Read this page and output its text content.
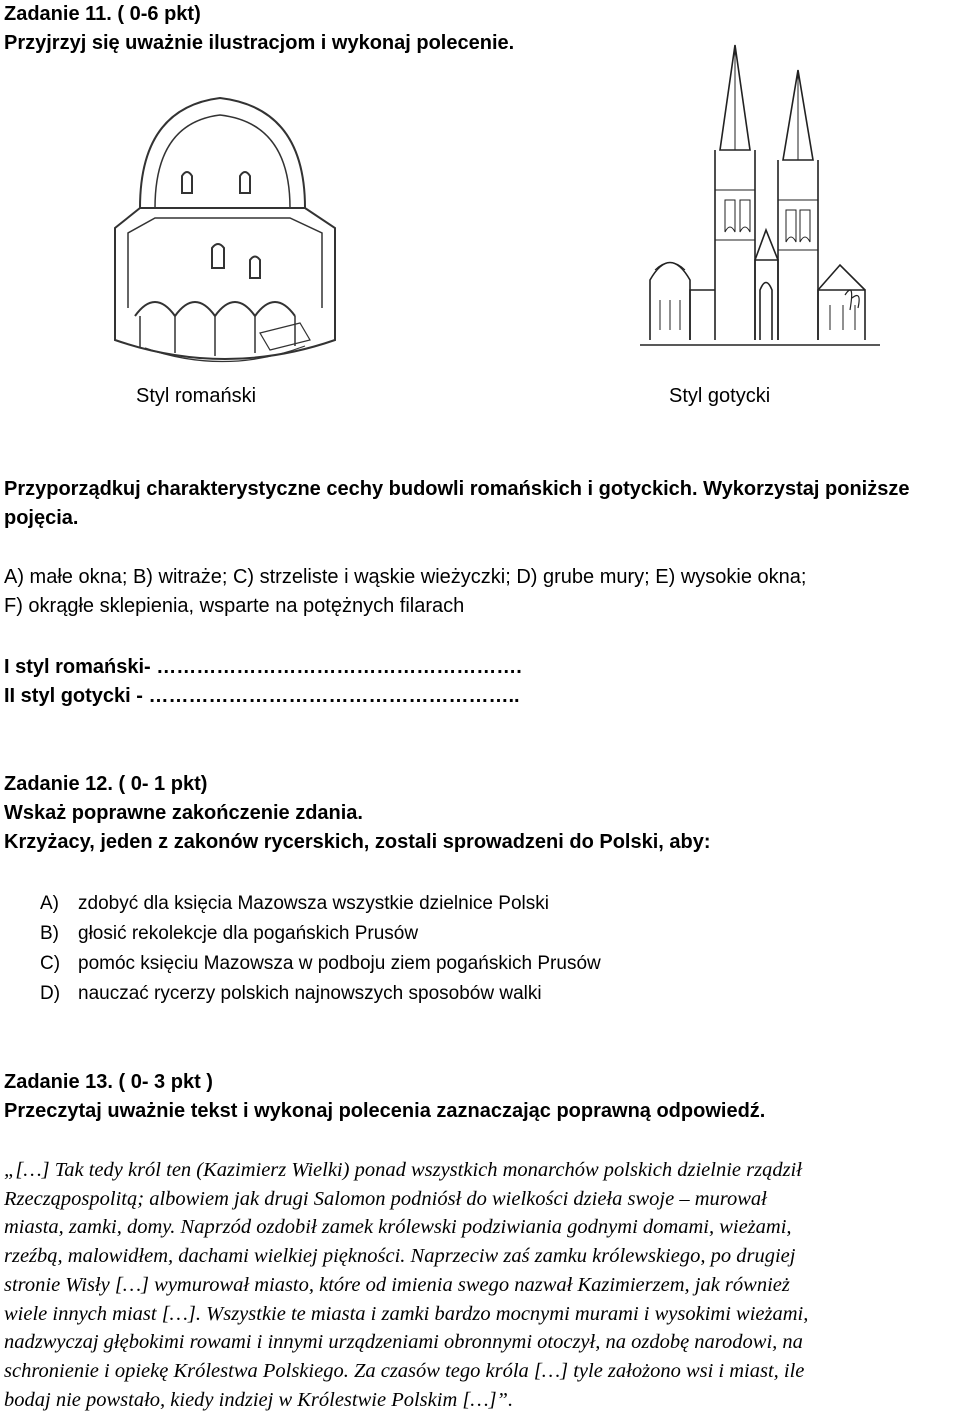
Zadanie 11. ( 0-6 pkt)
Przyjrzyj się uważnie ilustracjom i wykonaj polecenie.
Styl romański	Styl gotycki
Przyporządkuj charakterystyczne cechy budowli romańskich i gotyckich. Wykorzystaj poniższe
pojęcia.
A) małe okna; B) witraże; C) strzeliste i wąskie wieżyczki; D) grube mury; E) wysokie okna;
F) okrągłe sklepienia, wsparte na potężnych filarach
I styl romański- ……………………………………………….
II styl gotycki - ………………………………………………..
Zadanie 12. ( 0- 1 pkt)
Wskaż poprawne zakończenie zdania.
Krzyżacy, jeden z zakonów rycerskich, zostali sprowadzeni do Polski, aby:
A) zdobyć dla księcia Mazowsza wszystkie dzielnice Polski
B) głosić rekolekcje dla pogańskich Prusów
C) pomóc księciu Mazowsza w podboju ziem pogańskich Prusów
D) nauczać rycerzy polskich najnowszych sposobów walki
Zadanie 13. ( 0- 3 pkt )
Przeczytaj uważnie tekst i wykonaj polecenia zaznaczając poprawną odpowiedź.
„[…] Tak tedy król ten (Kazimierz Wielki) ponad wszystkich monarchów polskich dzielnie rządził
Rzecząpospolitą; albowiem jak drugi Salomon podniósł do wielkości dzieła swoje – murował
miasta, zamki, domy. Naprzód ozdobił zamek królewski podziwiania godnymi domami, wieżami,
rzeźbą, malowidłem, dachami wielkiej piękności. Naprzeciw zaś zamku królewskiego, po drugiej
stronie Wisły […] wymurował miasto, które od imienia swego nazwał Kazimierzem, jak również
wiele innych miast […]. Wszystkie te miasta i zamki bardzo mocnymi murami i wysokimi wieżami,
nadzwyczaj głębokimi rowami i innymi urządzeniami obronnymi otoczył, na ozdobę narodowi, na
schronienie i opiekę Królestwa Polskiego. Za czasów tego króla […] tyle założono wsi i miast, ile
bodaj nie powstało, kiedy indziej w Królestwie Polskim […]”.
